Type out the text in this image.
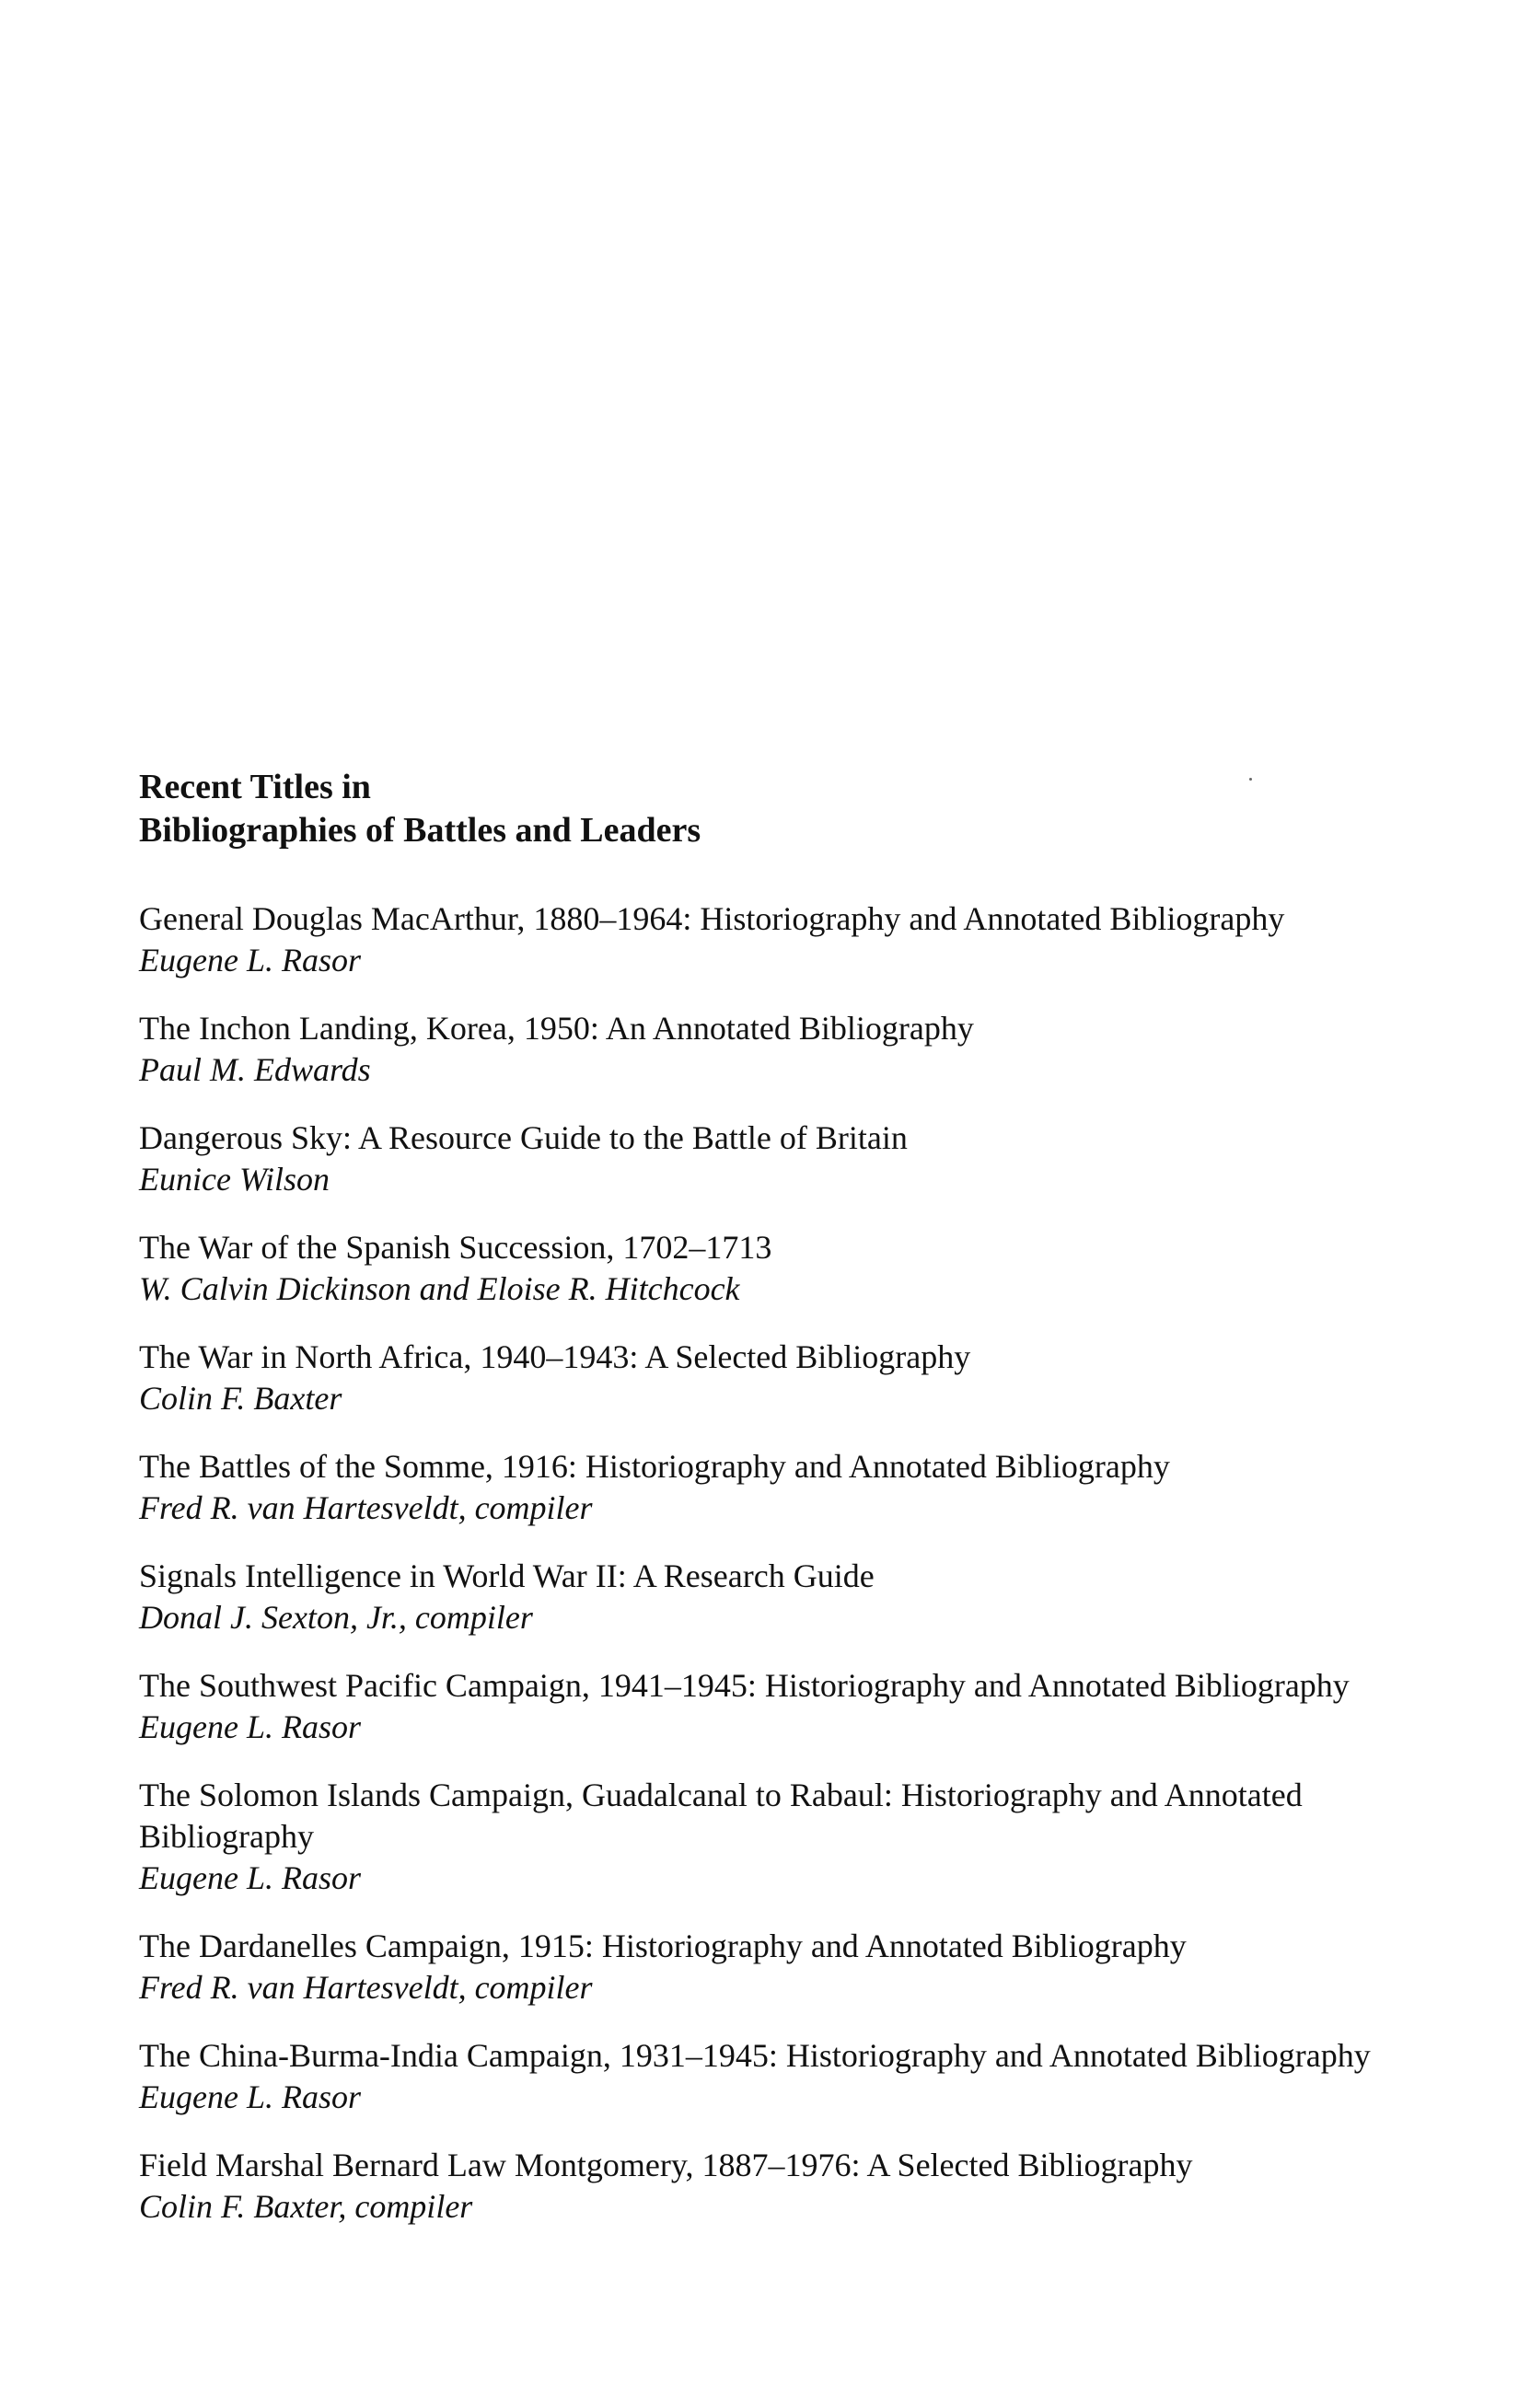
Recent Titles in
Bibliographies of Battles and Leaders
General Douglas MacArthur, 1880–1964: Historiography and Annotated Bibliography
Eugene L. Rasor
The Inchon Landing, Korea, 1950: An Annotated Bibliography
Paul M. Edwards
Dangerous Sky: A Resource Guide to the Battle of Britain
Eunice Wilson
The War of the Spanish Succession, 1702–1713
W. Calvin Dickinson and Eloise R. Hitchcock
The War in North Africa, 1940–1943: A Selected Bibliography
Colin F. Baxter
The Battles of the Somme, 1916: Historiography and Annotated Bibliography
Fred R. van Hartesveldt, compiler
Signals Intelligence in World War II: A Research Guide
Donal J. Sexton, Jr., compiler
The Southwest Pacific Campaign, 1941–1945: Historiography and Annotated Bibliography
Eugene L. Rasor
The Solomon Islands Campaign, Guadalcanal to Rabaul: Historiography and Annotated Bibliography
Eugene L. Rasor
The Dardanelles Campaign, 1915: Historiography and Annotated Bibliography
Fred R. van Hartesveldt, compiler
The China-Burma-India Campaign, 1931–1945: Historiography and Annotated Bibliography
Eugene L. Rasor
Field Marshal Bernard Law Montgomery, 1887–1976: A Selected Bibliography
Colin F. Baxter, compiler
